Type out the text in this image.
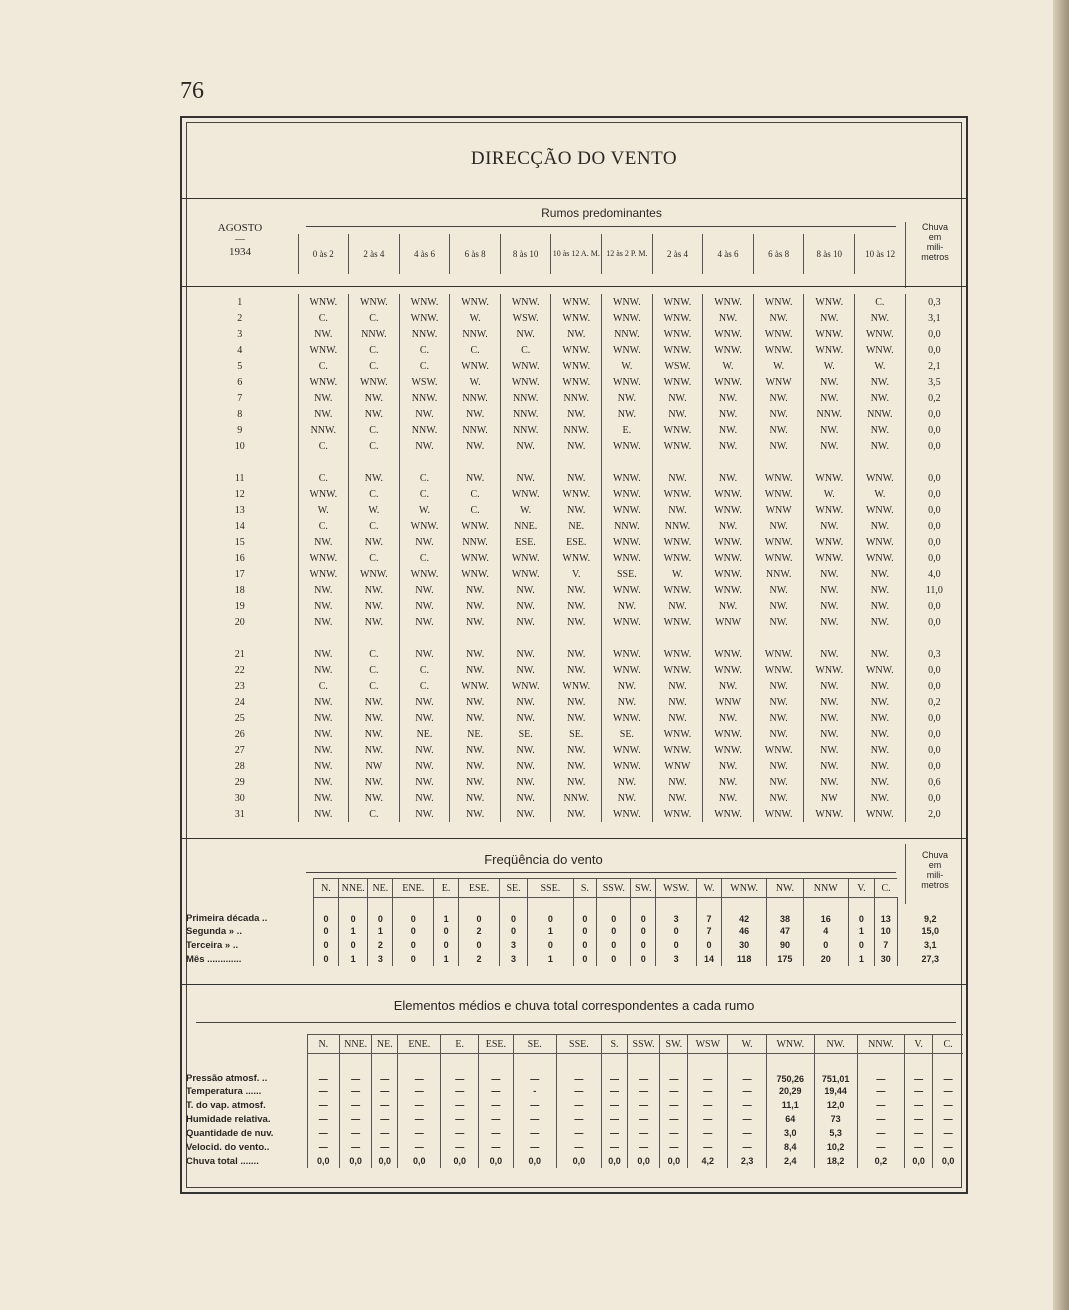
76
DIRECÇÃO DO VENTO
AGOSTO
—
1934
Rumos predominantes
Chuva
em
mili-
metros
	0 às 2	2 às 4	4 às 6	6 às 8	8 às 10	10 às 12 A. M.	12 às 2 P. M.	2 às 4	4 às 6	6 às 8	8 às 10	10 às 12
1	WNW.	WNW.	WNW.	WNW.	WNW.	WNW.	WNW.	WNW.	WNW.	WNW.	WNW.	C.	0,3
2	C.	C.	WNW.	W.	WSW.	WNW.	WNW.	WNW.	NW.	NW.	NW.	NW.	3,1
3	NW.	NNW.	NNW.	NNW.	NW.	NW.	NNW.	WNW.	WNW.	WNW.	WNW.	WNW.	0,0
4	WNW.	C.	C.	C.	C.	WNW.	WNW.	WNW.	WNW.	WNW.	WNW.	WNW.	0,0
5	C.	C.	C.	WNW.	WNW.	WNW.	W.	WSW.	W.	W.	W.	W.	2,1
6	WNW.	WNW.	WSW.	W.	WNW.	WNW.	WNW.	WNW.	WNW.	WNW	NW.	NW.	3,5
7	NW.	NW.	NNW.	NNW.	NNW.	NNW.	NW.	NW.	NW.	NW.	NW.	NW.	0,2
8	NW.	NW.	NW.	NW.	NNW.	NW.	NW.	NW.	NW.	NW.	NNW.	NNW.	0,0
9	NNW.	C.	NNW.	NNW.	NNW.	NNW.	E.	WNW.	NW.	NW.	NW.	NW.	0,0
10	C.	C.	NW.	NW.	NW.	NW.	WNW.	WNW.	NW.	NW.	NW.	NW.	0,0

11	C.	NW.	C.	NW.	NW.	NW.	WNW.	NW.	NW.	WNW.	WNW.	WNW.	0,0
12	WNW.	C.	C.	C.	WNW.	WNW.	WNW.	WNW.	WNW.	WNW.	W.	W.	0,0
13	W.	W.	W.	C.	W.	NW.	WNW.	NW.	WNW.	WNW	WNW.	WNW.	0,0
14	C.	C.	WNW.	WNW.	NNE.	NE.	NNW.	NNW.	NW.	NW.	NW.	NW.	0,0
15	NW.	NW.	NW.	NNW.	ESE.	ESE.	WNW.	WNW.	WNW.	WNW.	WNW.	WNW.	0,0
16	WNW.	C.	C.	WNW.	WNW.	WNW.	WNW.	WNW.	WNW.	WNW.	WNW.	WNW.	0,0
17	WNW.	WNW.	WNW.	WNW.	WNW.	V.	SSE.	W.	WNW.	NNW.	NW.	NW.	4,0
18	NW.	NW.	NW.	NW.	NW.	NW.	WNW.	WNW.	WNW.	NW.	NW.	NW.	11,0
19	NW.	NW.	NW.	NW.	NW.	NW.	NW.	NW.	NW.	NW.	NW.	NW.	0,0
20	NW.	NW.	NW.	NW.	NW.	NW.	WNW.	WNW.	WNW	NW.	NW.	NW.	0,0

21	NW.	C.	NW.	NW.	NW.	NW.	WNW.	WNW.	WNW.	WNW.	NW.	NW.	0,3
22	NW.	C.	C.	NW.	NW.	NW.	WNW.	WNW.	WNW.	WNW.	WNW.	WNW.	0,0
23	C.	C.	C.	WNW.	WNW.	WNW.	NW.	NW.	NW.	NW.	NW.	NW.	0,0
24	NW.	NW.	NW.	NW.	NW.	NW.	NW.	NW.	WNW	NW.	NW.	NW.	0,2
25	NW.	NW.	NW.	NW.	NW.	NW.	WNW.	NW.	NW.	NW.	NW.	NW.	0,0
26	NW.	NW.	NE.	NE.	SE.	SE.	SE.	WNW.	WNW.	NW.	NW.	NW.	0,0
27	NW.	NW.	NW.	NW.	NW.	NW.	WNW.	WNW.	WNW.	WNW.	NW.	NW.	0,0
28	NW.	NW	NW.	NW.	NW.	NW.	WNW.	WNW	NW.	NW.	NW.	NW.	0,0
29	NW.	NW.	NW.	NW.	NW.	NW.	NW.	NW.	NW.	NW.	NW.	NW.	0,6
30	NW.	NW.	NW.	NW.	NW.	NNW.	NW.	NW.	NW.	NW.	NW	NW.	0,0
31	NW.	C.	NW.	NW.	NW.	NW.	WNW.	WNW.	WNW.	WNW.	WNW.	WNW.	2,0
Freqüência do vento	Chuva
em
mili-
metros
	N.	NNE.	NE.	ENE.	E.	ESE.	SE.	SSE.	S.	SSW.	SW.	WSW.	W.	WNW.	NW.	NNW	V.	C.	
Primeira década ..	0	0	0	0	1	0	0	0	0	0	0	3	7	42	38	16	0	13	9,2
Segunda » ..	0	1	1	0	0	2	0	1	0	0	0	0	7	46	47	4	1	10	15,0
Terceira » ..	0	0	2	0	0	0	3	0	0	0	0	0	0	30	90	0	0	7	3,1
Mês .............	0	1	3	0	1	2	3	1	0	0	0	3	14	118	175	20	1	30	27,3
Elementos médios e chuva total correspondentes a cada rumo
	N.	NNE.	NE.	ENE.	E.	ESE.	SE.	SSE.	S.	SSW.	SW.	WSW	W.	WNW.	NW.	NNW.	V.	C.
Pressão atmosf. ..	—	—	—	—	—	—	—	—	—	—	—	—	—	750,26	751,01	—	—	—
Temperatura ......	—	—	—	—	—	—	-	—	—	—	—	—	—	20,29	19,44	—	—	—
T. do vap. atmosf.	—	—	—	—	—	—	—	—	—	—	—	—	—	11,1	12,0	—	—	—
Humidade relativa.	—	—	—	—	—	—	—	—	—	—	—	—	—	64	73	—	—	—
Quantidade de nuv.	—	—	—	—	—	—	—	—	—	—	—	—	—	3,0	5,3	—	—	—
Velocid. do vento..	—	—	—	—	—	—	—	—	—	—	—	—	—	8,4	10,2	—	—	—
Chuva total .......	0,0	0,0	0,0	0,0	0,0	0,0	0,0	0,0	0,0	0,0	0,0	4,2	2,3	2,4	18,2	0,2	0,0	0,0
